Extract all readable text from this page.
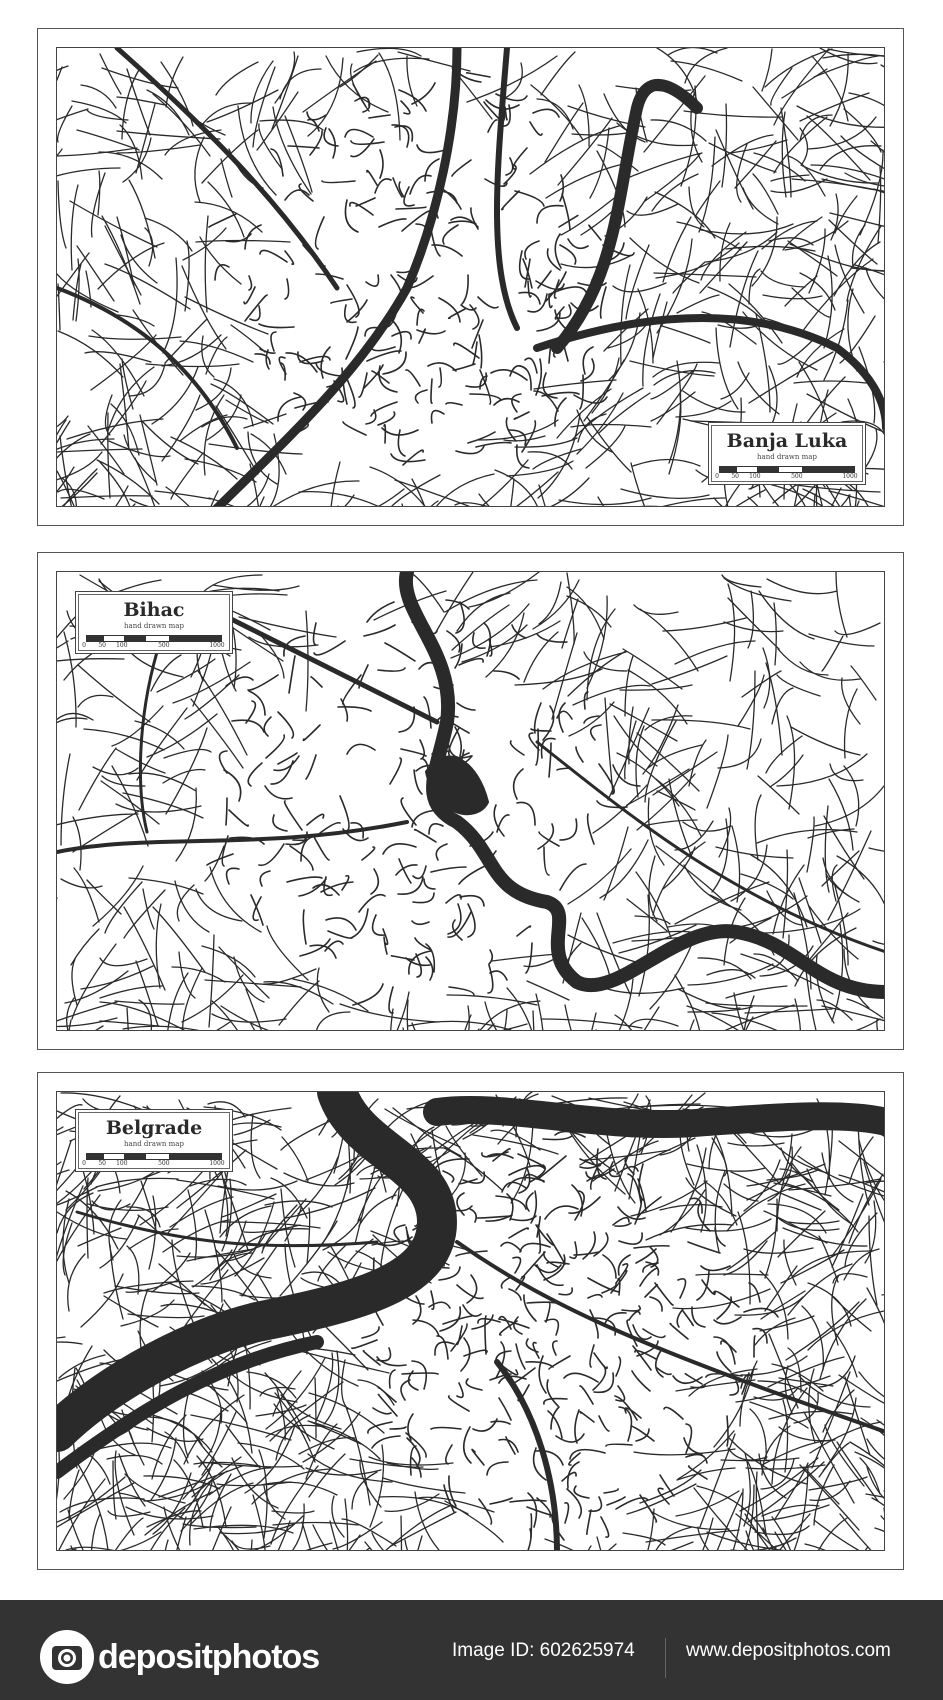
Banja Luka
hand drawn map
0 50 100	500	1000
Bihac
hand drawn map
0 50 100	500	1000
Belgrade
hand drawn map
0 50 100	500	1000
depositphotos	Image ID: 602625974	www.depositphotos.com
